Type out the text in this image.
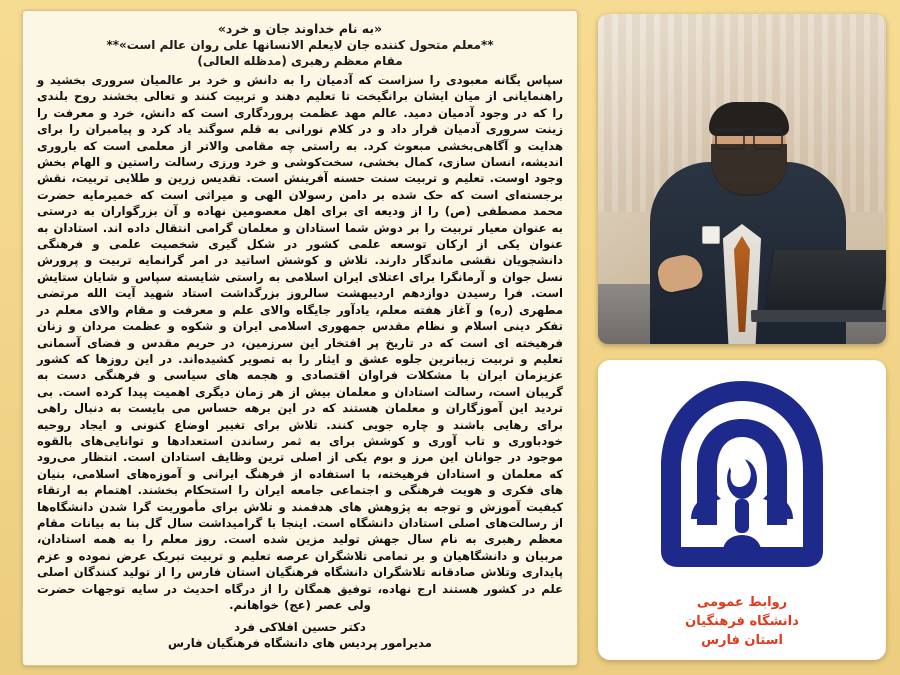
«به نام خداوند جان و خرد»
**معلم متحول کننده جان لایعلم الانسانها على روان عالم است»**
مقام معظم رهبری (مدظله العالی)
سپاس یگانه معبودی را سزاست که آدمیان را به دانش و خرد بر عالمیان سروری بخشید و راهنمایانی از میان ایشان برانگیخت تا تعلیم دهند و تربیت کنند و تعالی بخشند روح بلندی را که در وجود آدمیان دمید. عالم مهد عظمت پروردگاری است که دانش، خرد و معرفت را زینت سروری آدمیان قرار داد و در کلام نورانی به قلم سوگند یاد کرد و پیامبران را برای هدایت و آگاهی‌بخشی مبعوث کرد. به راستی چه مقامی والاتر از معلمی است که باروری اندیشه، انسان سازی، کمال بخشی، سخت‌کوشی و خرد ورزی رسالت راستین و الهام بخش وجود اوست. تعلیم و تربیت سنت حسنه آفرینش است. تقدیس زرین و طلایی تربیت، نقش برجسته‌ای است که حک شده بر دامن رسولان الهی و میراثی است که خمیرمایه حضرت محمد مصطفی (ص) را از ودیعه ای برای اهل معصومین نهاده و آن بزرگواران به درستی به عنوان معیار تربیت را بر دوش شما استادان و معلمان گرامی انتقال داده اند. استادان به عنوان یکی از ارکان توسعه علمی کشور در شکل گیری شخصیت علمی و فرهنگی دانشجویان نقشی ماندگار دارند. تلاش و کوشش اساتید در امر گرانمایه تربیت و پرورش نسل جوان و آرمانگرا برای اعتلای ایران اسلامی به راستی شایسته سپاس و شایان ستایش است. فرا رسیدن دوازدهم اردیبهشت سالروز بزرگداشت استاد شهید آیت الله مرتضی مطهری (ره) و آغاز هفته معلم، یادآور جایگاه والای علم و معرفت و مقام والای معلم در تفکر دینی اسلام و نظام مقدس جمهوری اسلامی ایران و شکوه و عظمت مردان و زنان فرهیخته ای است که در تاریخ پر افتخار این سرزمین، در حریم مقدس و فضای آسمانی تعلیم و تربیت زیباترین جلوه عشق و ایثار را به تصویر کشیده‌اند. در این روزها که کشور عزیزمان ایران با مشکلات فراوان اقتصادی و هجمه های سیاسی و فرهنگی دست به گریبان است، رسالت استادان و معلمان بیش از هر زمان دیگری اهمیت پیدا کرده است. بی تردید این آموزگاران و معلمان هستند که در این برهه حساس می بایست به دنبال راهی برای رهایی باشند و چاره جویی کنند. تلاش برای تغییر اوضاع کنونی و ایجاد روحیه خودباوری و تاب آوری و کوشش برای به ثمر رساندن استعدادها و توانایی‌های بالقوه موجود در جوانان این مرز و بوم یکی از اصلی ترین وظایف استادان است. انتظار می‌رود که معلمان و استادان فرهیخته، با استفاده از فرهنگ ایرانی و آموزه‌های اسلامی، بنیان های فکری و هویت فرهنگی و اجتماعی جامعه ایران را استحکام بخشند. اهتمام به ارتقاء کیفیت آموزش و توجه به پژوهش های هدفمند و تلاش برای مأموریت گرا شدن دانشگاه‌ها از رسالت‌های اصلی استادان دانشگاه است. اینجا با گرامیداشت سال گل بنا به بیانات مقام معظم رهبری به نام سال جهش تولید مزین شده است. روز معلم را به همه استادان، مربیان و دانشگاهیان و بر تمامی تلاشگران عرصه تعلیم و تربیت تبریک عرض نموده و عزم پایداری وتلاش صادقانه تلاشگران دانشگاه فرهنگیان استان فارس را از تولید کنندگان اصلی علم در کشور هستند ارج نهاده، توفیق همگان را از درگاه احدیث در سایه توجهات حضرت ولی عصر (عج) خواهانم.
دکتر حسین افلاکی فرد
مدیرامور پردیس های دانشگاه فرهنگیان فارس
روابط عمومی
دانشگاه فرهنگیان
استان فارس
